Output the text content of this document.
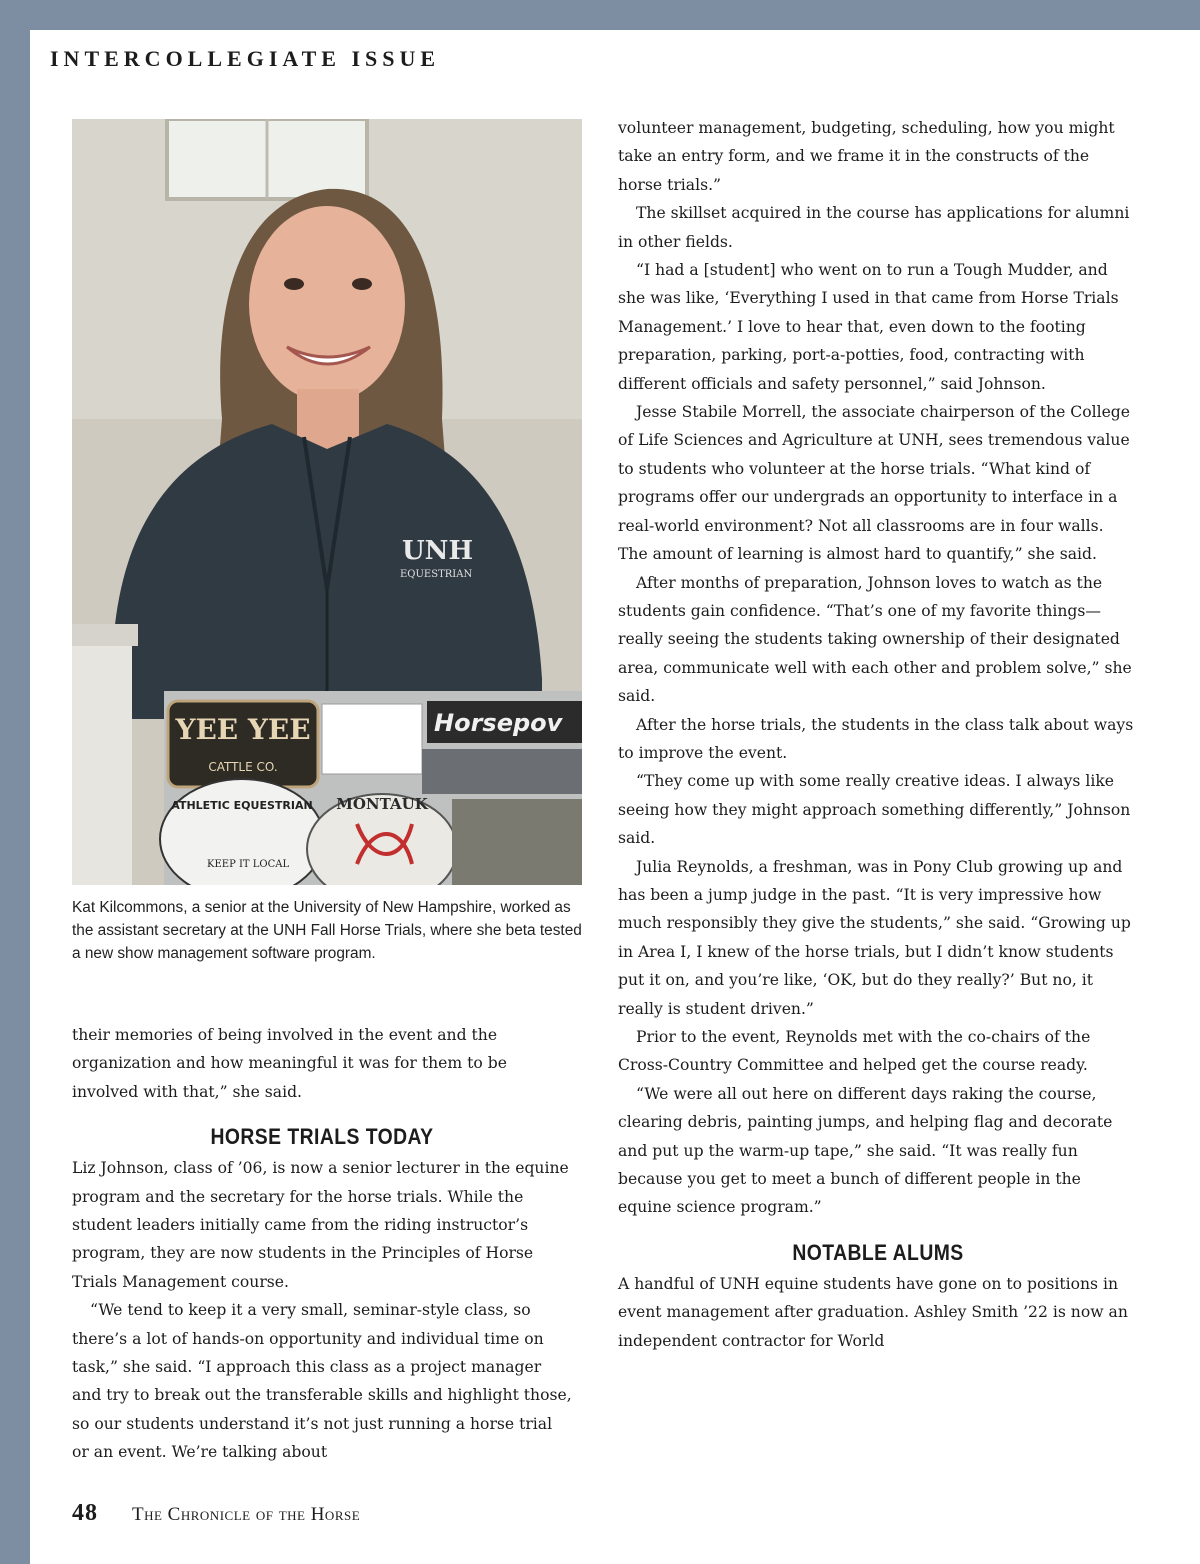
INTERCOLLEGIATE ISSUE
UNH
EQUESTRIAN
YEE YEE
CATTLE CO.
Horsepov
ATHLETIC EQUESTRIAN
KEEP IT LOCAL
MONTAUK
Kat Kilcommons, a senior at the University of New Hampshire, worked as the assistant secretary at the UNH Fall Horse Trials, where she beta tested a new show management software program.

their memories of being involved in the event and the organization and how meaningful it was for them to be involved with that,” she said.

HORSE TRIALS TODAY

Liz Johnson, class of ’06, is now a senior lecturer in the equine program and the secretary for the horse trials. While the student leaders initially came from the riding instructor’s program, they are now students in the Principles of Horse Trials Management course.

“We tend to keep it a very small, seminar-style class, so there’s a lot of hands-on opportunity and individual time on task,” she said. “I approach this class as a project manager and try to break out the transferable skills and highlight those, so our students understand it’s not just running a horse trial or an event. We’re talking about

volunteer management, budgeting, scheduling, how you might take an entry form, and we frame it in the constructs of the horse trials.”

The skillset acquired in the course has applications for alumni in other fields.

“I had a [student] who went on to run a Tough Mudder, and she was like, ‘Everything I used in that came from Horse Trials Management.’ I love to hear that, even down to the footing preparation, parking, port-a-potties, food, contracting with different officials and safety personnel,” said Johnson.

Jesse Stabile Morrell, the associate chairperson of the College of Life Sciences and Agriculture at UNH, sees tremendous value to students who volunteer at the horse trials. “What kind of programs offer our undergrads an opportunity to interface in a real-world environment? Not all classrooms are in four walls. The amount of learning is almost hard to quantify,” she said.

After months of preparation, Johnson loves to watch as the students gain confidence. “That’s one of my favorite things—really seeing the students taking ownership of their designated area, communicate well with each other and problem solve,” she said.

After the horse trials, the students in the class talk about ways to improve the event.

“They come up with some really creative ideas. I always like seeing how they might approach something differently,” Johnson said.

Julia Reynolds, a freshman, was in Pony Club growing up and has been a jump judge in the past. “It is very impressive how much responsibly they give the students,” she said. “Growing up in Area I, I knew of the horse trials, but I didn’t know students put it on, and you’re like, ‘OK, but do they really?’ But no, it really is student driven.”

Prior to the event, Reynolds met with the co-chairs of the Cross-Country Committee and helped get the course ready.

“We were all out here on different days raking the course, clearing debris, painting jumps, and helping flag and decorate and put up the warm-up tape,” she said. “It was really fun because you get to meet a bunch of different people in the equine science program.”

NOTABLE ALUMS

A handful of UNH equine students have gone on to positions in event management after graduation. Ashley Smith ’22 is now an independent contractor for World

48 The Chronicle of the Horse
